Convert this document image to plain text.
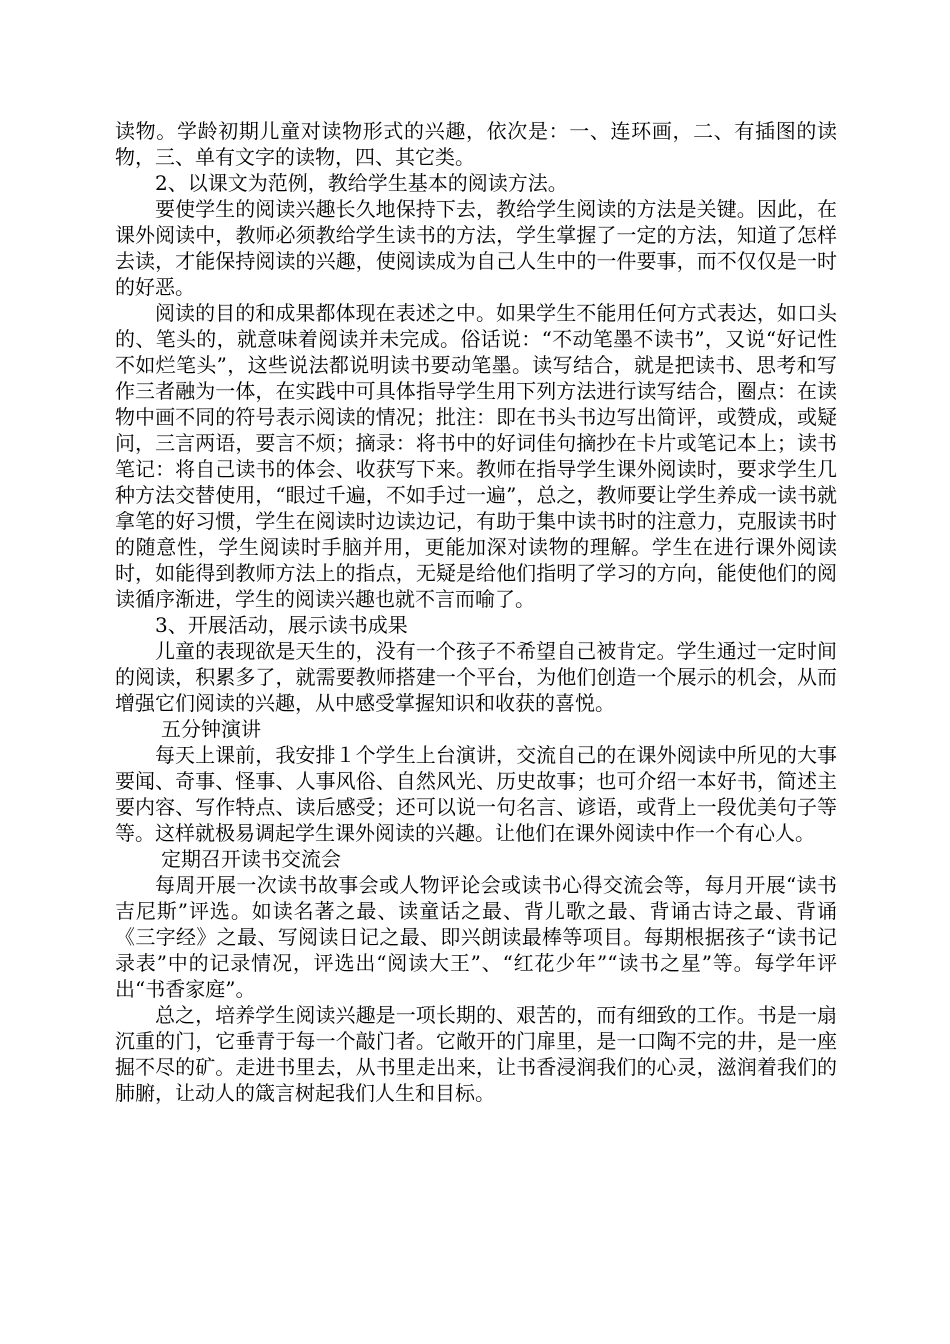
读物。学龄初期儿童对读物形式的兴趣，依次是：一、连环画，二、有插图的读物，三、单有文字的读物，四、其它类。

2、以课文为范例，教给学生基本的阅读方法。

要使学生的阅读兴趣长久地保持下去，教给学生阅读的方法是关键。因此，在课外阅读中，教师必须教给学生读书的方法，学生掌握了一定的方法，知道了怎样去读，才能保持阅读的兴趣，使阅读成为自己人生中的一件要事，而不仅仅是一时的好恶。

阅读的目的和成果都体现在表述之中。如果学生不能用任何方式表达，如口头的、笔头的，就意味着阅读并未完成。俗话说：“不动笔墨不读书”，又说“好记性不如烂笔头”，这些说法都说明读书要动笔墨。读写结合，就是把读书、思考和写作三者融为一体，在实践中可具体指导学生用下列方法进行读写结合，圈点：在读物中画不同的符号表示阅读的情况；批注：即在书头书边写出简评，或赞成，或疑问，三言两语，要言不烦；摘录：将书中的好词佳句摘抄在卡片或笔记本上；读书笔记：将自己读书的体会、收获写下来。教师在指导学生课外阅读时，要求学生几种方法交替使用，“眼过千遍，不如手过一遍”，总之，教师要让学生养成一读书就拿笔的好习惯，学生在阅读时边读边记，有助于集中读书时的注意力，克服读书时的随意性，学生阅读时手脑并用，更能加深对读物的理解。学生在进行课外阅读时，如能得到教师方法上的指点，无疑是给他们指明了学习的方向，能使他们的阅读循序渐进，学生的阅读兴趣也就不言而喻了。

3、开展活动，展示读书成果

儿童的表现欲是天生的，没有一个孩子不希望自己被肯定。学生通过一定时间的阅读，积累多了，就需要教师搭建一个平台，为他们创造一个展示的机会，从而增强它们阅读的兴趣，从中感受掌握知识和收获的喜悦。

五分钟演讲

每天上课前，我安排１个学生上台演讲，交流自己的在课外阅读中所见的大事要闻、奇事、怪事、人事风俗、自然风光、历史故事；也可介绍一本好书，简述主要内容、写作特点、读后感受；还可以说一句名言、谚语，或背上一段优美句子等等。这样就极易调起学生课外阅读的兴趣。让他们在课外阅读中作一个有心人。

定期召开读书交流会

每周开展一次读书故事会或人物评论会或读书心得交流会等，每月开展“读书吉尼斯”评选。如读名著之最、读童话之最、背儿歌之最、背诵古诗之最、背诵《三字经》之最、写阅读日记之最、即兴朗读最棒等项目。每期根据孩子“读书记录表”中的记录情况，评选出“阅读大王”、“红花少年”“读书之星”等。每学年评出“书香家庭”。

总之，培养学生阅读兴趣是一项长期的、艰苦的，而有细致的工作。书是一扇沉重的门，它垂青于每一个敲门者。它敞开的门扉里，是一口陶不完的井，是一座掘不尽的矿。走进书里去，从书里走出来，让书香浸润我们的心灵，滋润着我们的肺腑，让动人的箴言树起我们人生和目标。
